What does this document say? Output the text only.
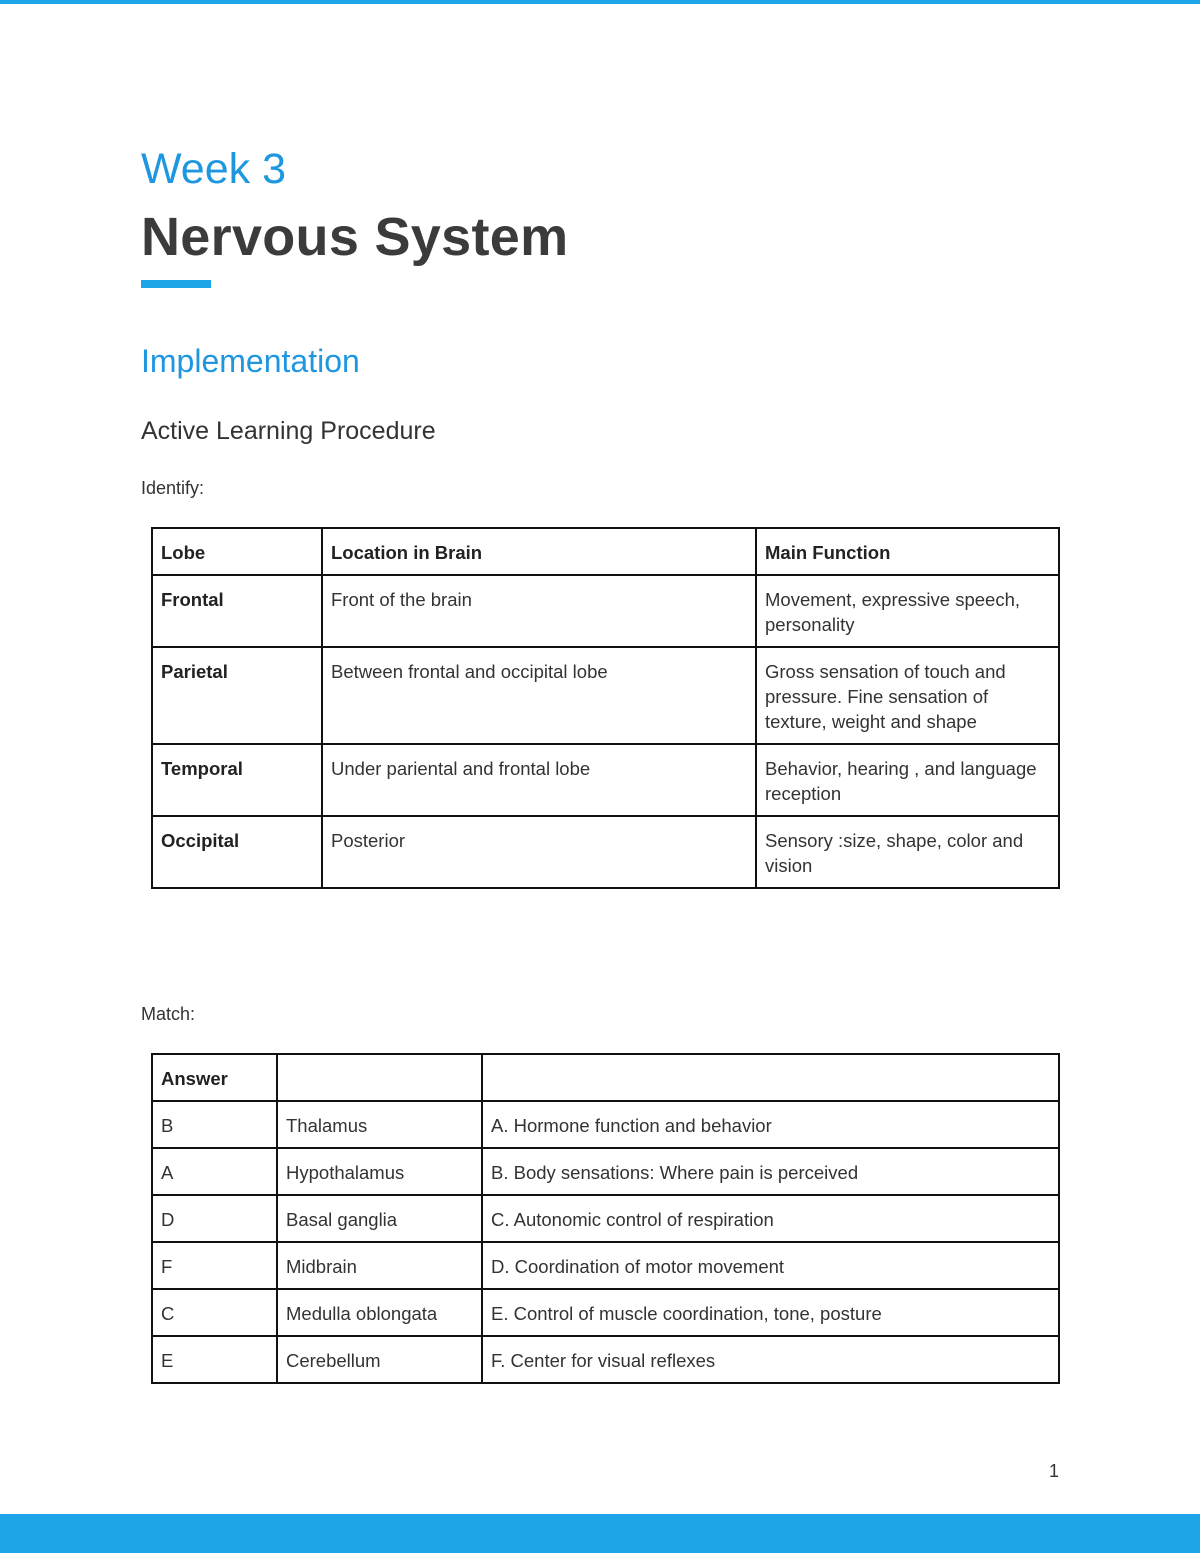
Week 3
Nervous System
Implementation
Active Learning Procedure
Identify:
Lobe	Location in Brain	Main Function
Frontal	Front of the brain	Movement, expressive speech, personality
Parietal	Between frontal and occipital lobe	Gross sensation of touch and pressure. Fine sensation of texture, weight and shape
Temporal	Under pariental and frontal lobe	Behavior, hearing , and language reception
Occipital	Posterior	Sensory :size, shape, color and vision
Match:
Answer		
B	Thalamus	A. Hormone function and behavior
A	Hypothalamus	B. Body sensations: Where pain is perceived
D	Basal ganglia	C. Autonomic control of respiration
F	Midbrain	D. Coordination of motor movement
C	Medulla oblongata	E. Control of muscle coordination, tone, posture
E	Cerebellum	F. Center for visual reflexes
1
